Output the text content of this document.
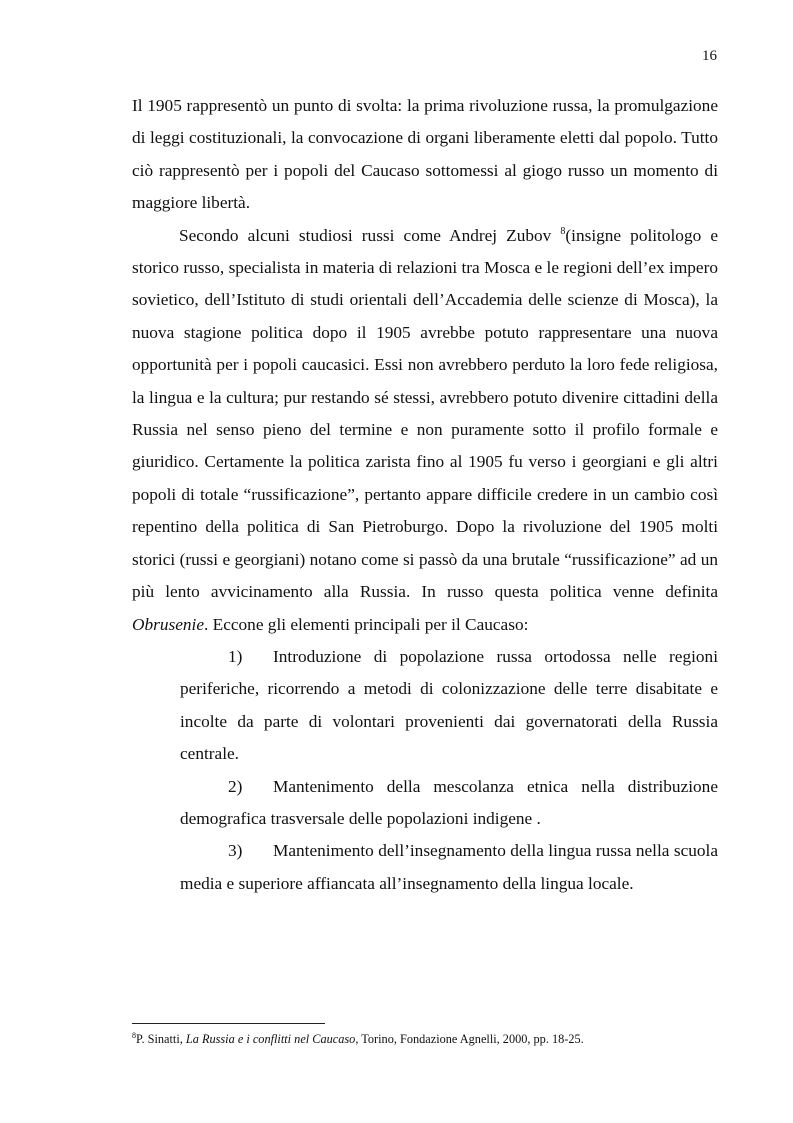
16

Il 1905 rappresentò un punto di svolta: la prima rivoluzione russa, la promulgazione di leggi costituzionali, la convocazione di organi liberamente eletti dal popolo. Tutto ciò rappresentò per i popoli del Caucaso sottomessi al giogo russo un momento di maggiore libertà.

Secondo alcuni studiosi russi come Andrej Zubov $^8$(insigne politologo e storico russo, specialista in materia di relazioni tra Mosca e le regioni dell’ex impero sovietico, dell’Istituto di studi orientali dell’Accademia delle scienze di Mosca), la nuova stagione politica dopo il 1905 avrebbe potuto rappresentare una nuova opportunità per i popoli caucasici. Essi non avrebbero perduto la loro fede religiosa, la lingua e la cultura; pur restando sé stessi, avrebbero potuto divenire cittadini della Russia nel senso pieno del termine e non puramente sotto il profilo formale e giuridico. Certamente la politica zarista fino al 1905 fu verso i georgiani e gli altri popoli di totale “russificazione”, pertanto appare difficile credere in un cambio così repentino della politica di San Pietroburgo. Dopo la rivoluzione del 1905 molti storici (russi e georgiani) notano come si passò da una brutale “russificazione” ad un più lento avvicinamento alla Russia. In russo questa politica venne definita Obrusenie. Eccone gli elementi principali per il Caucaso:

1) Introduzione di popolazione russa ortodossa nelle regioni periferiche, ricorrendo a metodi di colonizzazione delle terre disabitate e incolte da parte di volontari provenienti dai governatorati della Russia centrale.
2) Mantenimento della mescolanza etnica nella distribuzione demografica trasversale delle popolazioni indigene .
3) Mantenimento dell’insegnamento della lingua russa nella scuola media e superiore affiancata all’insegnamento della lingua locale.

$^8$P. Sinatti, La Russia e i conflitti nel Caucaso, Torino, Fondazione Agnelli, 2000, pp. 18-25.
